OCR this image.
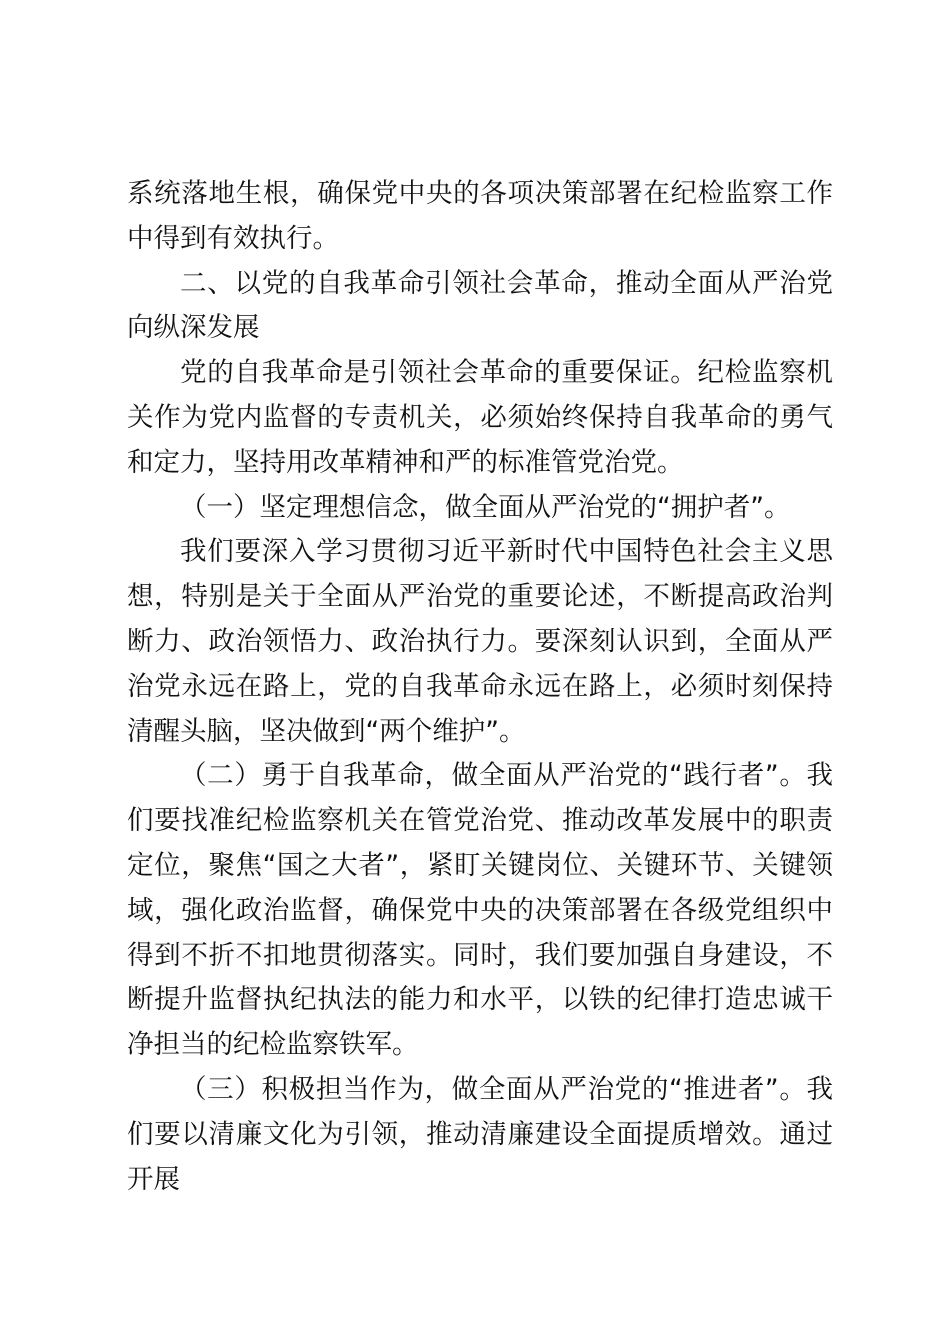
系统落地生根，确保党中央的各项决策部署在纪检监察工作中得到有效执行。

二、以党的自我革命引领社会革命，推动全面从严治党向纵深发展

党的自我革命是引领社会革命的重要保证。纪检监察机关作为党内监督的专责机关，必须始终保持自我革命的勇气和定力，坚持用改革精神和严的标准管党治党。

（一）坚定理想信念，做全面从严治党的“拥护者”。

我们要深入学习贯彻习近平新时代中国特色社会主义思想，特别是关于全面从严治党的重要论述，不断提高政治判断力、政治领悟力、政治执行力。要深刻认识到，全面从严治党永远在路上，党的自我革命永远在路上，必须时刻保持清醒头脑，坚决做到“两个维护”。

（二）勇于自我革命，做全面从严治党的“践行者”。我们要找准纪检监察机关在管党治党、推动改革发展中的职责定位，聚焦“国之大者”，紧盯关键岗位、关键环节、关键领域，强化政治监督，确保党中央的决策部署在各级党组织中得到不折不扣地贯彻落实。同时，我们要加强自身建设，不断提升监督执纪执法的能力和水平，以铁的纪律打造忠诚干净担当的纪检监察铁军。

（三）积极担当作为，做全面从严治党的“推进者”。我们要以清廉文化为引领，推动清廉建设全面提质增效。通过开展
